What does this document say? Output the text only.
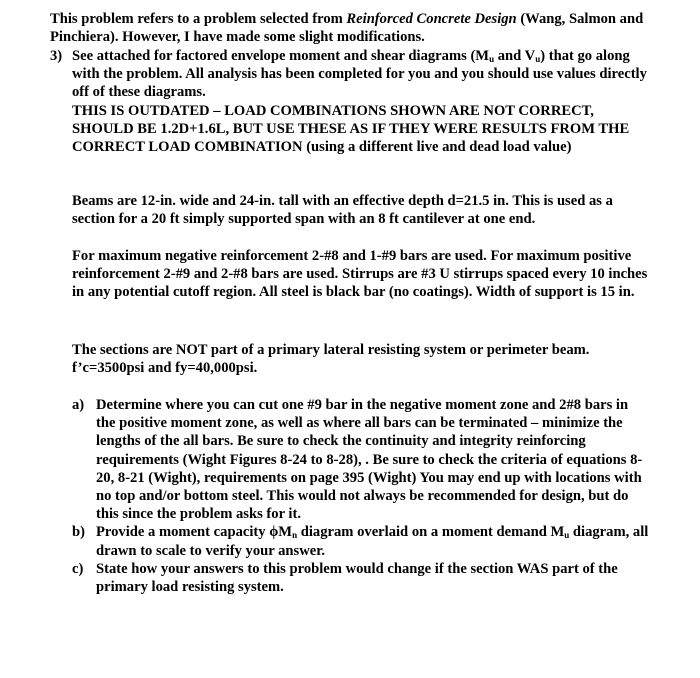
This problem refers to a problem selected from Reinforced Concrete Design (Wang, Salmon and Pinchiera). However, I have made some slight modifications.
3) See attached for factored envelope moment and shear diagrams ($M_u$ and $V_u$) that go along with the problem. All analysis has been completed for you and you should use values directly off of these diagrams.
THIS IS OUTDATED – LOAD COMBINATIONS SHOWN ARE NOT CORRECT, SHOULD BE 1.2D+1.6L, BUT USE THESE AS IF THEY WERE RESULTS FROM THE CORRECT LOAD COMBINATION (using a different live and dead load value)
Beams are 12-in. wide and 24-in. tall with an effective depth d=21.5 in. This is used as a section for a 20 ft simply supported span with an 8 ft cantilever at one end.
For maximum negative reinforcement 2-#8 and 1-#9 bars are used. For maximum positive reinforcement 2-#9 and 2-#8 bars are used. Stirrups are #3 U stirrups spaced every 10 inches in any potential cutoff region. All steel is black bar (no coatings). Width of support is 15 in.
The sections are NOT part of a primary lateral resisting system or perimeter beam. f’c=3500psi and fy=40,000psi.
a) Determine where you can cut one #9 bar in the negative moment zone and 2#8 bars in the positive moment zone, as well as where all bars can be terminated – minimize the lengths of the all bars. Be sure to check the continuity and integrity reinforcing requirements (Wight Figures 8-24 to 8-28), . Be sure to check the criteria of equations 8-20, 8-21 (Wight), requirements on page 395 (Wight) You may end up with locations with no top and/or bottom steel. This would not always be recommended for design, but do this since the problem asks for it.
b) Provide a moment capacity $\phi M_n$ diagram overlaid on a moment demand $M_u$ diagram, all drawn to scale to verify your answer.
c) State how your answers to this problem would change if the section WAS part of the primary load resisting system.
